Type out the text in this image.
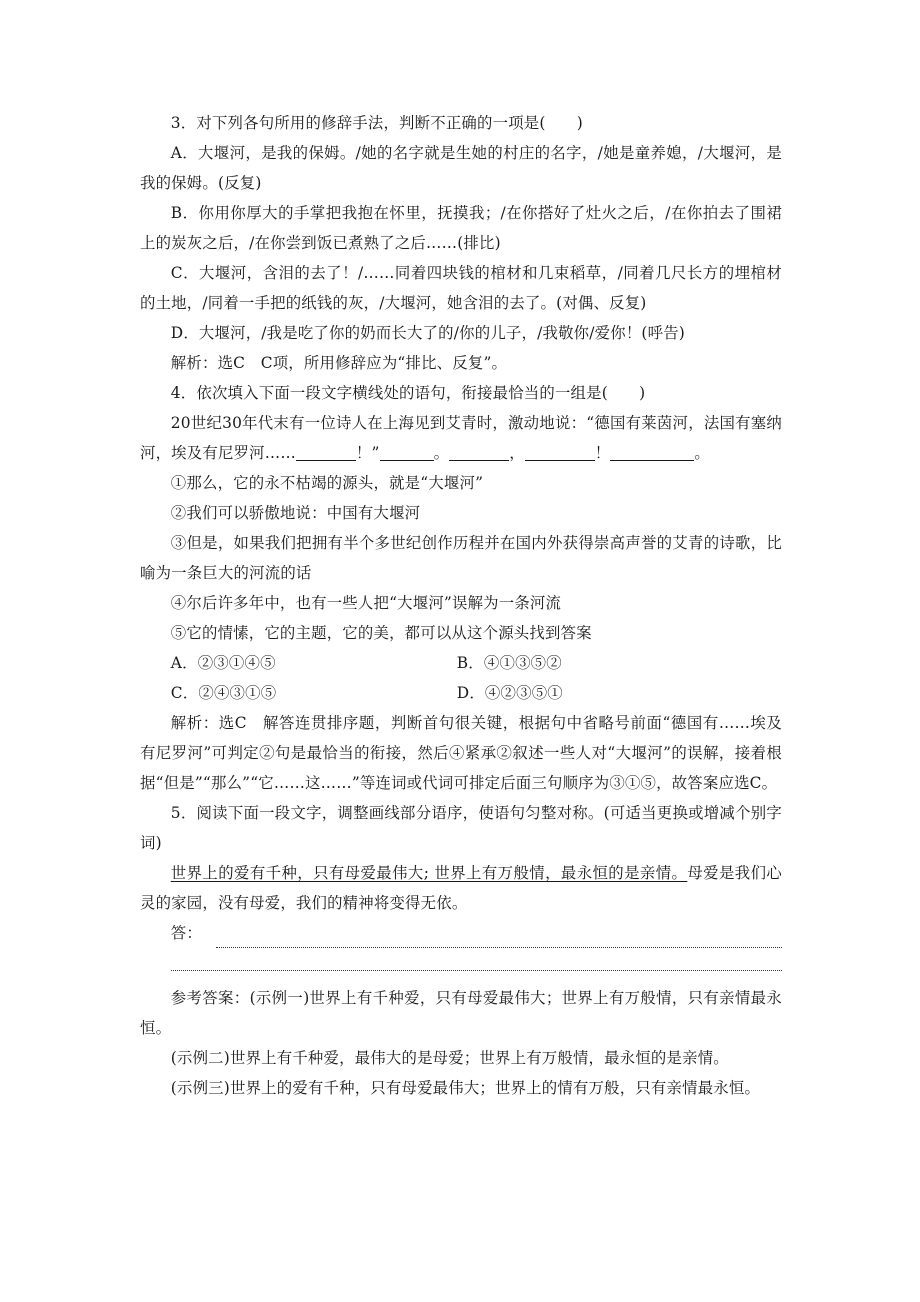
3．对下列各句所用的修辞手法，判断不正确的一项是(　　)

A．大堰河，是我的保姆。/她的名字就是生她的村庄的名字，/她是童养媳，/大堰河，是我的保姆。(反复)

B．你用你厚大的手掌把我抱在怀里，抚摸我；/在你搭好了灶火之后，/在你拍去了围裙上的炭灰之后，/在你尝到饭已煮熟了之后……(排比)

C．大堰河，含泪的去了！/……同着四块钱的棺材和几束稻草，/同着几尺长方的埋棺材的土地，/同着一手把的纸钱的灰，/大堰河，她含泪的去了。(对偶、反复)

D．大堰河，/我是吃了你的奶而长大了的/你的儿子，/我敬你/爱你！(呼告)

解析：选C　C项，所用修辞应为“排比、反复”。

4．依次填入下面一段文字横线处的语句，衔接最恰当的一组是(　　)

20世纪30年代末有一位诗人在上海见到艾青时，激动地说：“德国有莱茵河，法国有塞纳河，埃及有尼罗河……	！”	。	，	！	。

①那么，它的永不枯竭的源头，就是“大堰河”

②我们可以骄傲地说：中国有大堰河

③但是，如果我们把拥有半个多世纪创作历程并在国内外获得崇高声誉的艾青的诗歌，比喻为一条巨大的河流的话

④尔后许多年中，也有一些人把“大堰河”误解为一条河流

⑤它的情愫，它的主题，它的美，都可以从这个源头找到答案

A．②③①④⑤	B．④①③⑤②
C．②④③①⑤	D．④②③⑤①

解析：选C　解答连贯排序题，判断首句很关键，根据句中省略号前面“德国有……埃及有尼罗河”可判定②句是最恰当的衔接，然后④紧承②叙述一些人对“大堰河”的误解，接着根据“但是”“那么”“它……这……”等连词或代词可排定后面三句顺序为③①⑤，故答案应选C。

5．阅读下面一段文字，调整画线部分语序，使语句匀整对称。(可适当更换或增减个别字词)

世界上的爱有千种，只有母爱最伟大; 世界上有万般情，最永恒的是亲情。母爱是我们心灵的家园，没有母爱，我们的精神将变得无依。

答：

参考答案：(示例一)世界上有千种爱，只有母爱最伟大；世界上有万般情，只有亲情最永恒。

(示例二)世界上有千种爱，最伟大的是母爱；世界上有万般情，最永恒的是亲情。

(示例三)世界上的爱有千种，只有母爱最伟大；世界上的情有万般，只有亲情最永恒。
